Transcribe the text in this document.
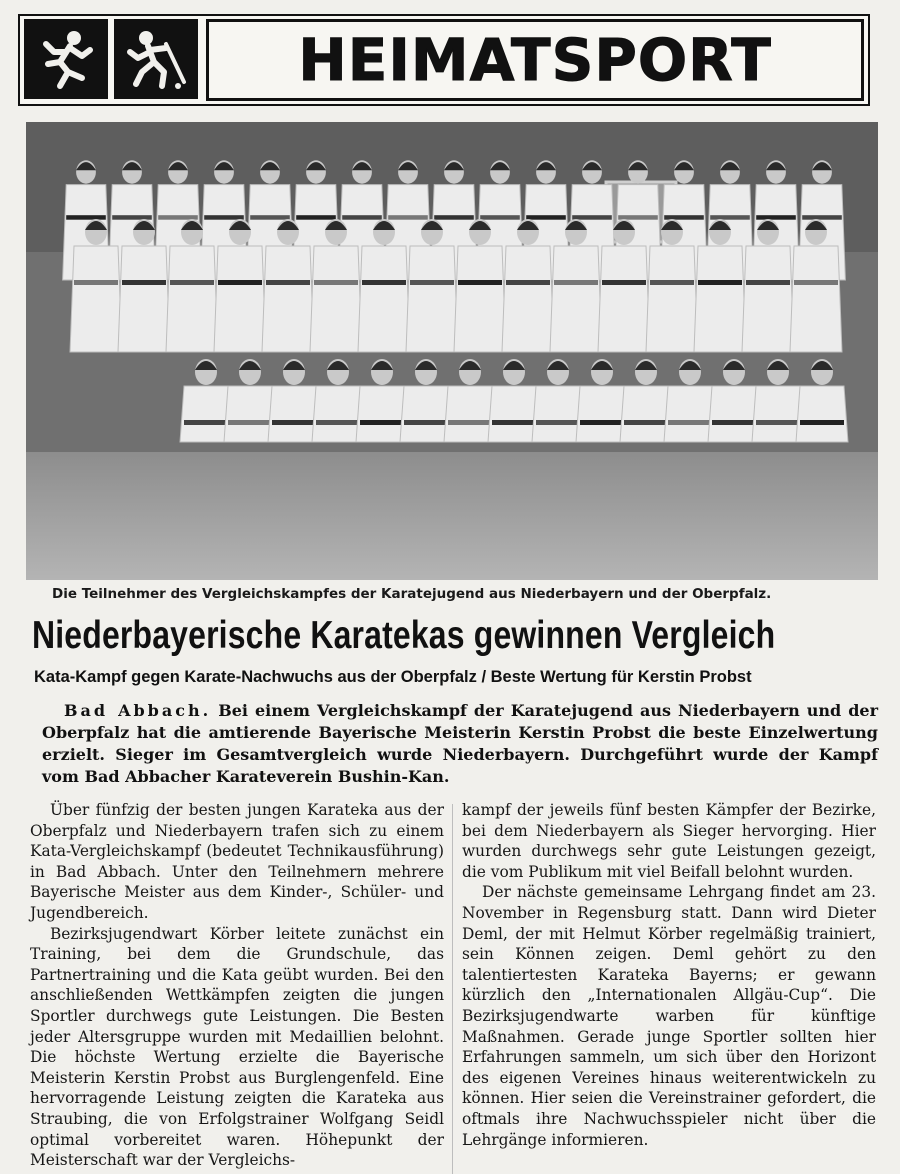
HEIMATSPORT
Die Teilnehmer des Vergleichskampfes der Karatejugend aus Niederbayern und der Oberpfalz.
Niederbayerische Karatekas gewinnen Vergleich
Kata-Kampf gegen Karate-Nachwuchs aus der Oberpfalz / Beste Wertung für Kerstin Probst
Bad Abbach. Bei einem Vergleichskampf der Karatejugend aus Niederbayern und der Oberpfalz hat die amtierende Bayerische Meisterin Kerstin Probst die beste Einzelwertung erzielt. Sieger im Gesamtvergleich wurde Niederbayern. Durchgeführt wurde der Kampf vom Bad Abbacher Karateverein Bushin-Kan.

Über fünfzig der besten jungen Karateka aus der Oberpfalz und Niederbayern trafen sich zu einem Kata-Vergleichskampf (bedeutet Technikausführung) in Bad Abbach. Unter den Teilnehmern mehrere Bayerische Meister aus dem Kinder-, Schüler- und Jugendbereich.

Bezirksjugendwart Körber leitete zunächst ein Training, bei dem die Grundschule, das Partnertraining und die Kata geübt wurden. Bei den anschließenden Wettkämpfen zeigten die jungen Sportler durchwegs gute Leistungen. Die Besten jeder Altersgruppe wurden mit Medaillien belohnt. Die höchste Wertung erzielte die Bayerische Meisterin Kerstin Probst aus Burglengenfeld. Eine hervorragende Leistung zeigten die Karateka aus Straubing, die von Erfolgstrainer Wolfgang Seidl optimal vorbereitet waren. Höhepunkt der Meisterschaft war der Vergleichs-

kampf der jeweils fünf besten Kämpfer der Bezirke, bei dem Niederbayern als Sieger hervorging. Hier wurden durchwegs sehr gute Leistungen gezeigt, die vom Publikum mit viel Beifall belohnt wurden.

Der nächste gemeinsame Lehrgang findet am 23. November in Regensburg statt. Dann wird Dieter Deml, der mit Helmut Körber regelmäßig trainiert, sein Können zeigen. Deml gehört zu den talentiertesten Karateka Bayerns; er gewann kürzlich den „Internationalen Allgäu-Cup“. Die Bezirksjugendwarte warben für künftige Maßnahmen. Gerade junge Sportler sollten hier Erfahrungen sammeln, um sich über den Horizont des eigenen Vereines hinaus weiterentwickeln zu können. Hier seien die Vereinstrainer gefordert, die oftmals ihre Nachwuchsspieler nicht über die Lehrgänge informieren.
